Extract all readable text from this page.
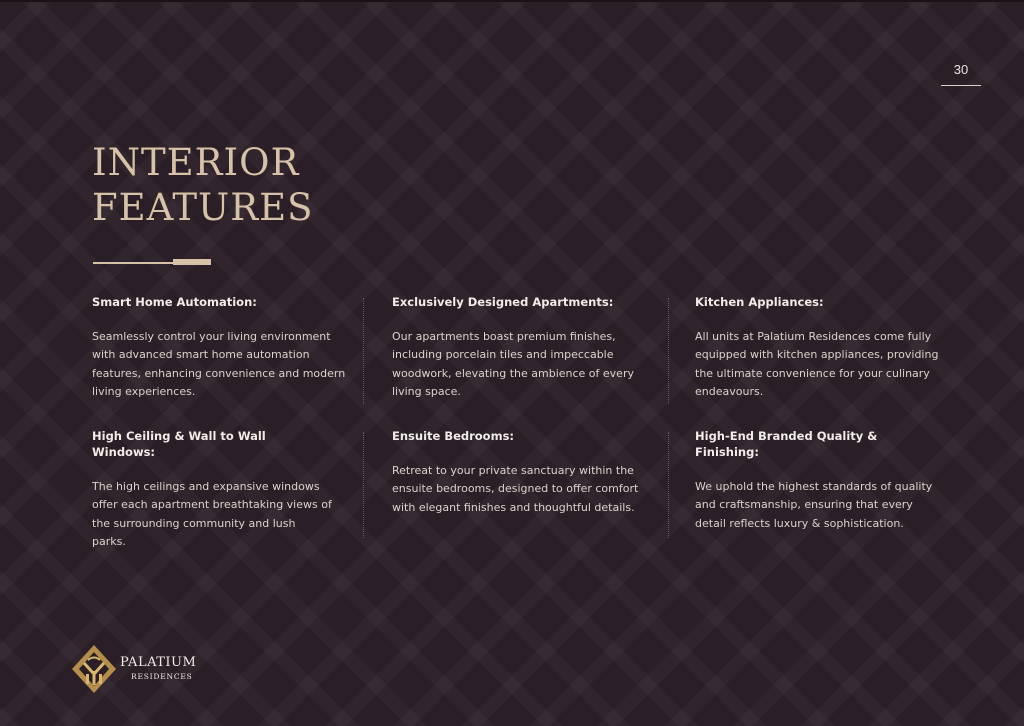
30
INTERIOR
FEATURES
Smart Home Automation:

Seamlessly control your living environment with advanced smart home automation features, enhancing convenience and modern living experiences.

Exclusively Designed Apartments:

Our apartments boast premium finishes, including porcelain tiles and impeccable woodwork, elevating the ambience of every living space.

Kitchen Appliances:

All units at Palatium Residences come fully equipped with kitchen appliances, providing the ultimate convenience for your culinary endeavours.

High Ceiling & Wall to Wall Windows:

The high ceilings and expansive windows offer each apartment breathtaking views of the surrounding community and lush parks.

Ensuite Bedrooms:

Retreat to your private sanctuary within the ensuite bedrooms, designed to offer comfort with elegant finishes and thoughtful details.

High-End Branded Quality & Finishing:

We uphold the highest standards of quality and craftsmanship, ensuring that every detail reflects luxury & sophistication.

PALATIUM
RESIDENCES
